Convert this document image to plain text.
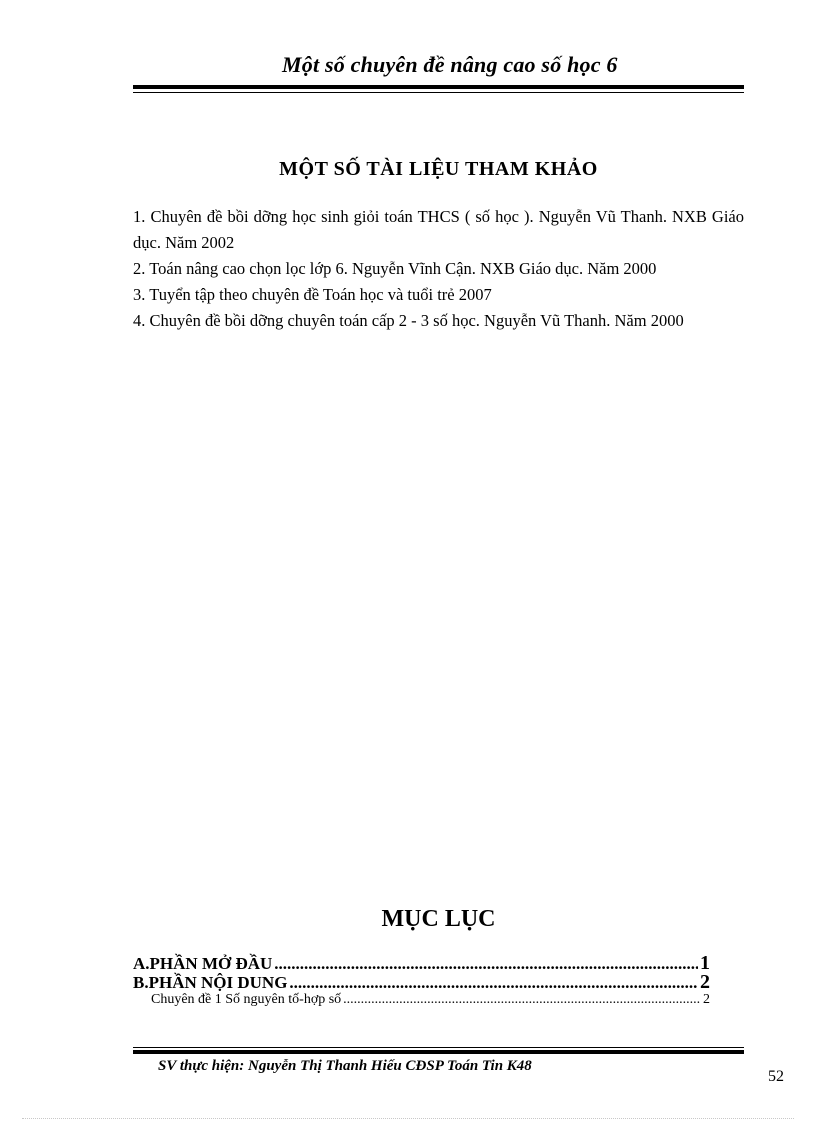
Một số chuyên đề nâng cao số học 6
MỘT SỐ TÀI LIỆU THAM KHẢO
1. Chuyên đề bồi dỡng học sinh giỏi toán THCS ( số học ). Nguyễn Vũ Thanh. NXB Giáo dục. Năm 2002
2. Toán nâng cao chọn lọc lớp 6. Nguyễn Vĩnh Cận. NXB Giáo dục. Năm 2000
3. Tuyển tập theo chuyên đề Toán học và tuổi trẻ 2007
4. Chuyên đề bồi dỡng chuyên toán cấp 2 - 3 số học. Nguyễn Vũ Thanh. Năm 2000
MỤC LỤC
A.PHẦN MỞ ĐẦU .....	1
B.PHẦN NỘI DUNG .....	2
Chuyên đề 1 Số nguyên tố-hợp số .....	2
SV thực hiện: Nguyễn Thị Thanh Hiếu CĐSP Toán Tin K48
52
